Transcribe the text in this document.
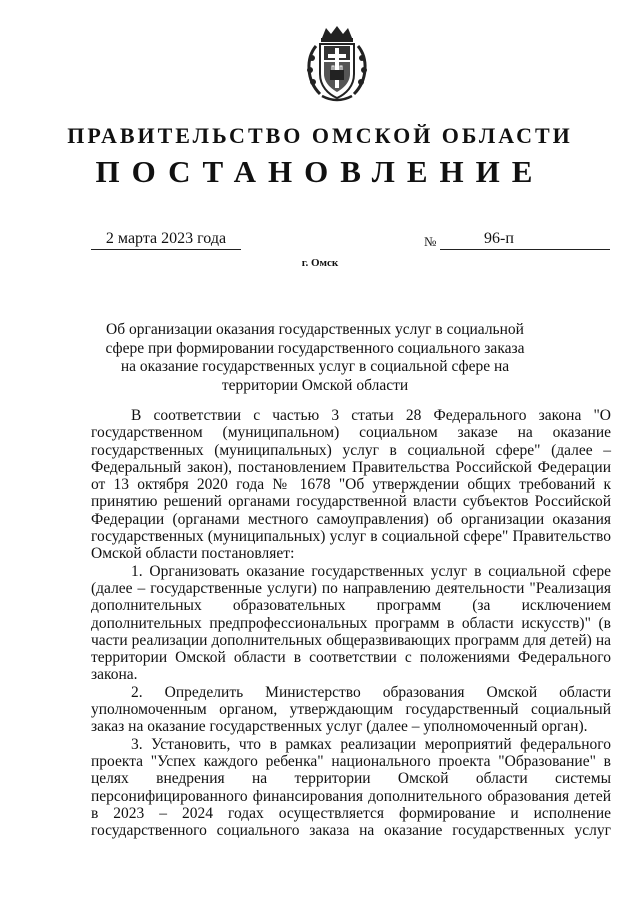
ПРАВИТЕЛЬСТВО ОМСКОЙ ОБЛАСТИ
ПОСТАНОВЛЕНИЕ
2 марта 2023 года	№	96-п
г. Омск
Об организации оказания государственных услуг в социальной сфере при формировании государственного социального заказа на оказание государственных услуг в социальной сфере на территории Омской области

В соответствии с частью 3 статьи 28 Федерального закона "О государственном (муниципальном) социальном заказе на оказание государственных (муниципальных) услуг в социальной сфере" (далее – Федеральный закон), постановлением Правительства Российской Федерации от 13 октября 2020 года № 1678 "Об утверждении общих требований к принятию решений органами государственной власти субъектов Российской Федерации (органами местного самоуправления) об организации оказания государственных (муниципальных) услуг в социальной сфере" Правительство Омской области постановляет:

1. Организовать оказание государственных услуг в социальной сфере (далее – государственные услуги) по направлению деятельности "Реализация дополнительных образовательных программ (за исключением дополнительных предпрофессиональных программ в области искусств)" (в части реализации дополнительных общеразвивающих программ для детей) на территории Омской области в соответствии с положениями Федерального закона.

2. Определить Министерство образования Омской области уполномоченным органом, утверждающим государственный социальный заказ на оказание государственных услуг (далее – уполномоченный орган).

3. Установить, что в рамках реализации мероприятий федерального проекта "Успех каждого ребенка" национального проекта "Образование" в целях внедрения на территории Омской области системы персонифицированного финансирования дополнительного образования детей в 2023 – 2024 годах осуществляется формирование и исполнение государственного социального заказа на оказание государственных услуг
